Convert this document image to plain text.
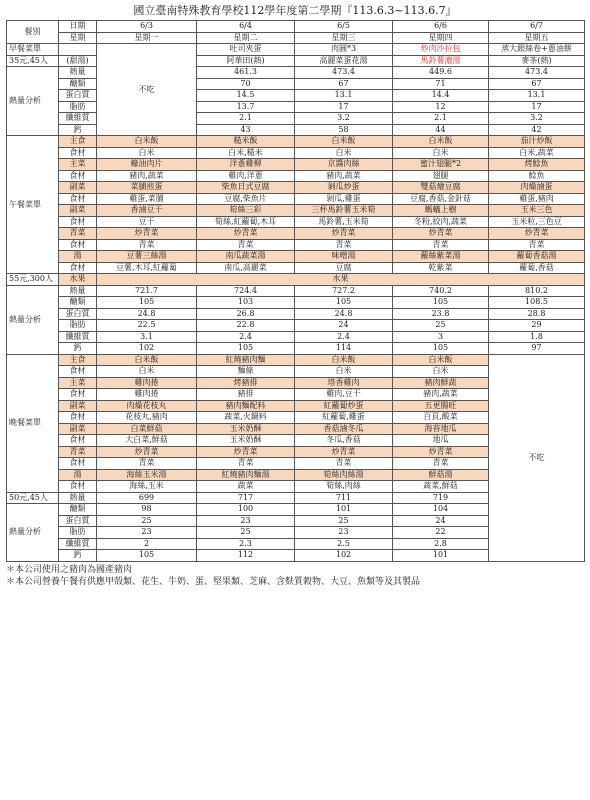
國立臺南特殊教育學校112學年度第二學期『113.6.3~113.6.7』
餐別	日期	6/3	6/4	6/5	6/6	6/7
	星期	星期一	星期二	星期三	星期四	星期五
早餐菜單		不吃	吐司夾蛋	肉圓*3	炒肉沙拉包	蒸大銀絲卷+蔥油餅
35元,45人	(甜湯)		阿華田(熱)	高麗菜蛋花湯	馬鈴薯濃湯	麥茶(熱)
熱量分析	熱量		461.3	473.4	449.6	473.4
	醣類		70	67	71	67
	蛋白質		14.5	13.1	14.4	13.1
	脂肪		13.7	17	12	17
	纖維質		2.1	3.2	2.1	3.2
	鈣		43	58	44	42
午餐菜單	主食	白米飯	糙米飯	白米飯	白米飯	茄汁炒飯
	食材	白米	白米,糙米	白米	白米	白米,蔬菜
	主菜	蠔油肉片	洋蔥雞柳	京醬肉絲	蜜汁翅腿*2	烤鯰魚
	食材	豬肉,蔬菜	雞肉,洋蔥	豬肉,蔬菜	翅腿	鯰魚
	副菜	菜脯煎蛋	柴魚日式豆腐	剝瓜炒蛋	雙菇燴豆腐	肉燥滷蛋
	食材	雞蛋,菜脯	豆腐,柴魚片	剝瓜,雞蛋	豆腐,香菇,金針菇	雞蛋,豬肉
	副菜	香滷豆干	筍絲三彩	三杯馬鈴薯玉米筍	螞蟻上樹	玉米三色
	食材	豆干	筍絲,紅蘿蔔,木耳	馬鈴薯,玉米筍	冬粉,絞肉,蔬菜	玉米粒,三色豆
	青菜	炒青菜	炒青菜	炒青菜	炒青菜	炒青菜
	食材	青菜	青菜	青菜	青菜	青菜
	湯	豆薯三絲湯	南瓜蔬菜湯	味噌湯	蘿絲紫菜湯	蘿蔔香菇湯
	食材	豆薯,木耳,紅蘿蔔	南瓜,高麗菜	豆腐	乾紫菜	蘿蔔,香菇
55元,300人	水果	水果				
熱量分析	熱量	721.7	724.4	727.2	740.2	810.2
	醣類	105	103	105	105	108.5
	蛋白質	24.8	26.8	24.8	23.8	28.8
	脂肪	22.5	22.8	24	25	29
	纖維質	3.1	2.4	2.4	3	1.8
	鈣	102	105	114	105	97
晚餐菜單	主食	白米飯	紅燒豬肉麵	白米飯	白米飯	不吃
	食材	白米	麵條	白米	白米	
	主菜	雞肉捲	烤豬排	塔香雞肉	豬肉鮮蔬	
	食材	雞肉捲	豬排	雞肉,豆干	豬肉,蔬菜	
	副菜	肉燥花枝丸	豬肉麵配料	紅蘿蔔炒蛋	五更腸旺	
	食材	花枝丸,豬肉	蔬菜,火鍋料	紅蘿蔔,雞蛋	百頁,酸菜	
	副菜	白菜鮮菇	玉米奶酥	香菇滷冬瓜	海苔地瓜	
	食材	大白菜,鮮菇	玉米奶酥	冬瓜,香菇	地瓜	
	青菜	炒青菜	炒青菜	炒青菜	炒青菜	
	食材	青菜	青菜	青菜	青菜	
	湯	海絲玉米湯	紅燒豬肉麵湯	筍絲肉絲湯	鮮菇湯	
	食材	海絲,玉米	蔬菜	筍絲,肉絲	蔬菜,鮮菇	
50元,45人	熱量	699	717	711	719	
熱量分析	醣類	98	100	101	104	
	蛋白質	25	23	25	24	
	脂肪	23	25	23	22	
	纖維質	2	2.3	2.5	2.8	
	鈣	105	112	102	101	
＊本公司使用之豬肉為國產豬肉
＊本公司營養午餐有供應甲殼類、花生、牛奶、蛋、堅果類、芝麻、含麩質穀物、大豆、魚類等及其製品
